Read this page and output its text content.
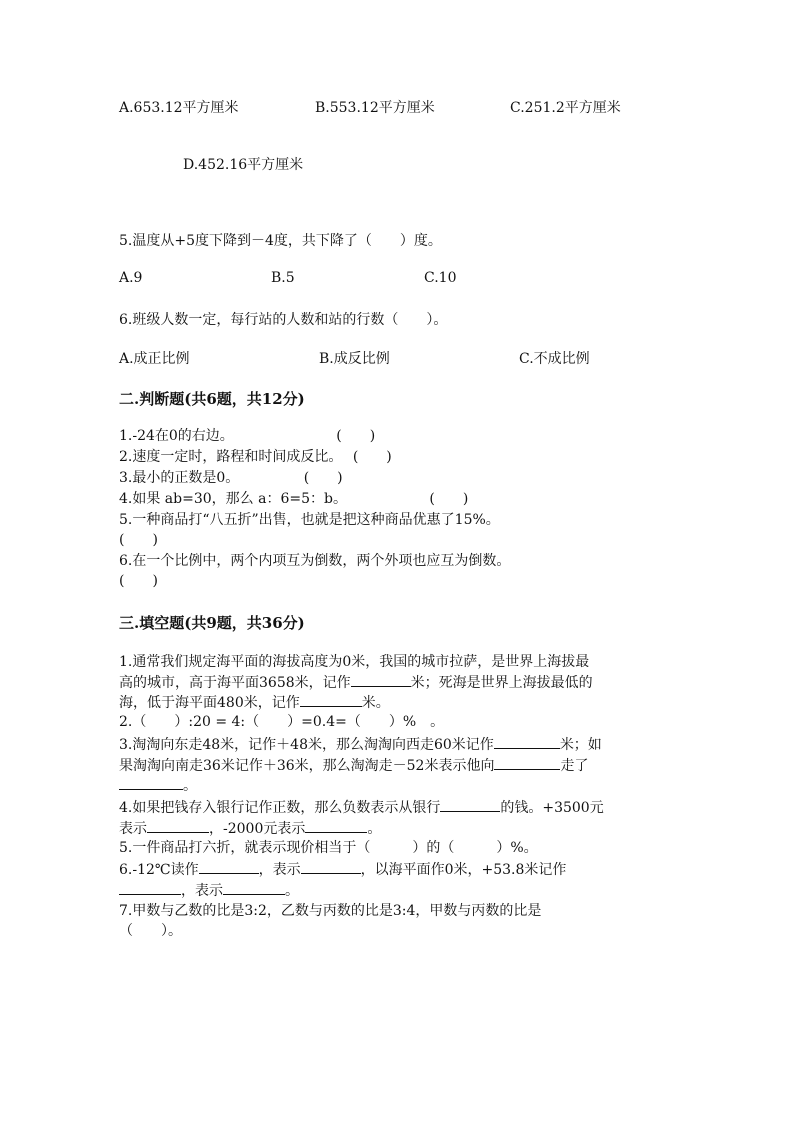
A.653.12平方厘米	B.553.12平方厘米	C.251.2平方厘米
D.452.16平方厘米
5.温度从+5度下降到－4度，共下降了（　　）度。
A.9	B.5	C.10
6.班级人数一定，每行站的人数和站的行数（　　）。
A.成正比例	B.成反比例	C.不成比例
二.判断题(共6题，共12分)
1.-24在0的右边。	(　　)
2.速度一定时，路程和时间成反比。 (　　)
3.最小的正数是0。	(　　)
4.如果 ab=30，那么 a：6=5：b。	(　　)
5.一种商品打“八五折”出售，也就是把这种商品优惠了15%。
(　　)
6.在一个比例中，两个内项互为倒数，两个外项也应互为倒数。
(　　)
三.填空题(共9题，共36分)
1.通常我们规定海平面的海拔高度为0米，我国的城市拉萨，是世界上海拔最
高的城市，高于海平面3658米，记作	米；死海是世界上海拔最低的
海，低于海平面480米，记作	米。
2.（　　）:20 = 4:（　　）=0.4=（　　）%　。
3.淘淘向东走48米，记作＋48米，那么淘淘向西走60米记作	米；如
果淘淘向南走36米记作＋36米，那么淘淘走－52米表示他向	走了
。
4.如果把钱存入银行记作正数，那么负数表示从银行	的钱。+3500元
表示	，-2000元表示	。
5.一件商品打六折，就表示现价相当于（　　　）的（　　　）%。
6.-12℃读作	，表示	，以海平面作0米，+53.8米记作
，表示	。
7.甲数与乙数的比是3:2，乙数与丙数的比是3:4，甲数与丙数的比是
（　　）。
